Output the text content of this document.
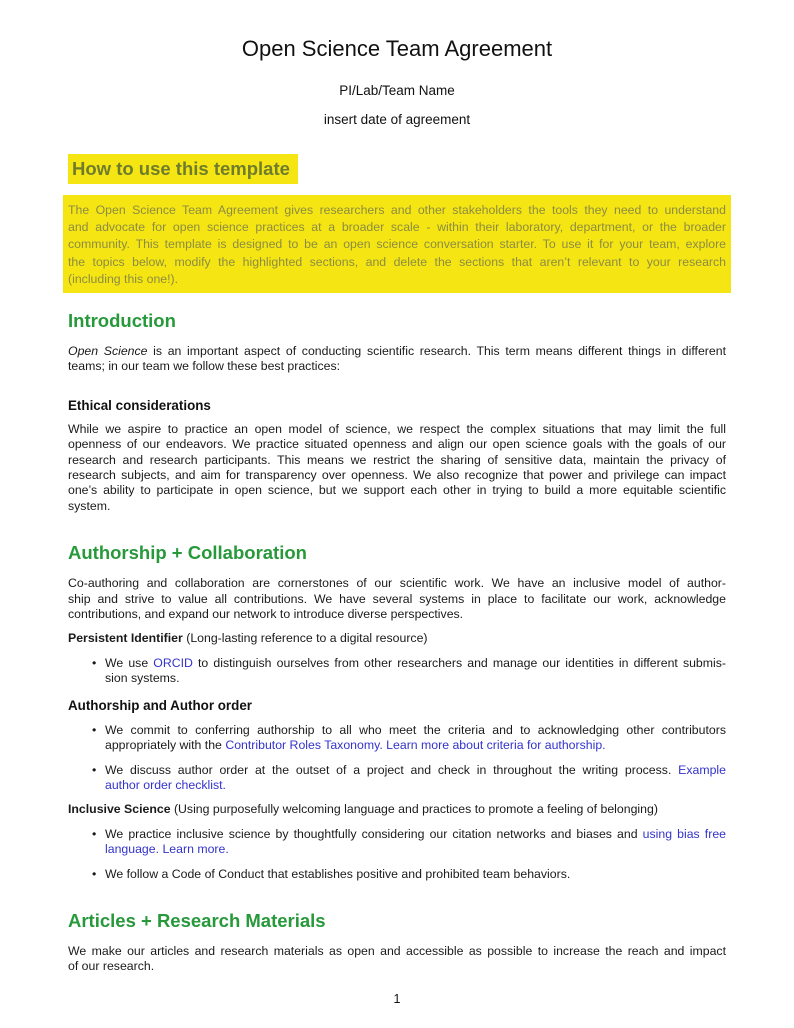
Open Science Team Agreement
PI/Lab/Team Name
insert date of agreement
How to use this template
The Open Science Team Agreement gives researchers and other stakeholders the tools they need to understand
and advocate for open science practices at a broader scale - within their laboratory, department, or the broader
community. This template is designed to be an open science conversation starter. To use it for your team, explore
the topics below, modify the highlighted sections, and delete the sections that aren’t relevant to your research
(including this one!).
Introduction
Open Science is an important aspect of conducting scientific research. This term means different things in different
teams; in our team we follow these best practices:
Ethical considerations
While we aspire to practice an open model of science, we respect the complex situations that may limit the full
openness of our endeavors. We practice situated openness and align our open science goals with the goals of our
research and research participants. This means we restrict the sharing of sensitive data, maintain the privacy of
research subjects, and aim for transparency over openness. We also recognize that power and privilege can impact
one’s ability to participate in open science, but we support each other in trying to build a more equitable scientific
system.
Authorship + Collaboration
Co-authoring and collaboration are cornerstones of our scientific work. We have an inclusive model of author-
ship and strive to value all contributions. We have several systems in place to facilitate our work, acknowledge
contributions, and expand our network to introduce diverse perspectives.
Persistent Identifier (Long-lasting reference to a digital resource)
• We use ORCID to distinguish ourselves from other researchers and manage our identities in different submis-
sion systems.
Authorship and Author order
• We commit to conferring authorship to all who meet the criteria and to acknowledging other contributors
appropriately with the Contributor Roles Taxonomy. Learn more about criteria for authorship.
• We discuss author order at the outset of a project and check in throughout the writing process. Example
author order checklist.
Inclusive Science (Using purposefully welcoming language and practices to promote a feeling of belonging)
• We practice inclusive science by thoughtfully considering our citation networks and biases and using bias free
language. Learn more.
• We follow a Code of Conduct that establishes positive and prohibited team behaviors.
Articles + Research Materials
We make our articles and research materials as open and accessible as possible to increase the reach and impact
of our research.
1
